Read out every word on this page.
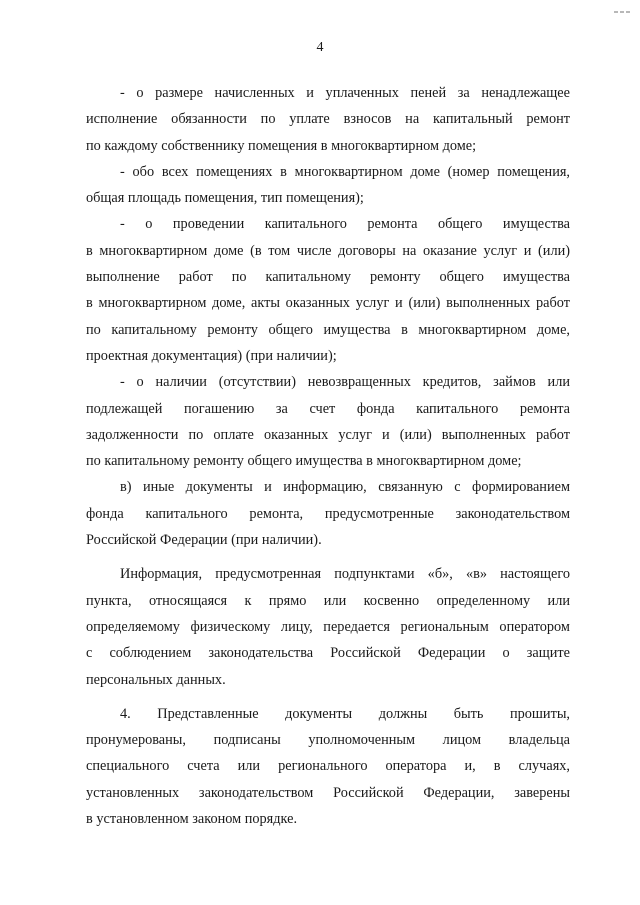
4

- о размере начисленных и уплаченных пеней за ненадлежащее
исполнение обязанности по уплате взносов на капитальный ремонт
по каждому собственнику помещения в многоквартирном доме;

- обо всех помещениях в многоквартирном доме (номер помещения,
общая площадь помещения, тип помещения);

- о проведении капитального ремонта общего имущества
в многоквартирном доме (в том числе договоры на оказание услуг и (или)
выполнение работ по капитальному ремонту общего имущества
в многоквартирном доме, акты оказанных услуг и (или) выполненных работ
по капитальному ремонту общего имущества в многоквартирном доме,
проектная документация) (при наличии);

- о наличии (отсутствии) невозвращенных кредитов, займов или
подлежащей погашению за счет фонда капитального ремонта
задолженности по оплате оказанных услуг и (или) выполненных работ
по капитальному ремонту общего имущества в многоквартирном доме;

в) иные документы и информацию, связанную с формированием
фонда капитального ремонта, предусмотренные законодательством
Российской Федерации (при наличии).

Информация, предусмотренная подпунктами «б», «в» настоящего
пункта, относящаяся к прямо или косвенно определенному или
определяемому физическому лицу, передается региональным оператором
с соблюдением законодательства Российской Федерации о защите
персональных данных.

4. Представленные документы должны быть прошиты,
пронумерованы, подписаны уполномоченным лицом владельца
специального счета или регионального оператора и, в случаях,
установленных законодательством Российской Федерации, заверены
в установленном законом порядке.
